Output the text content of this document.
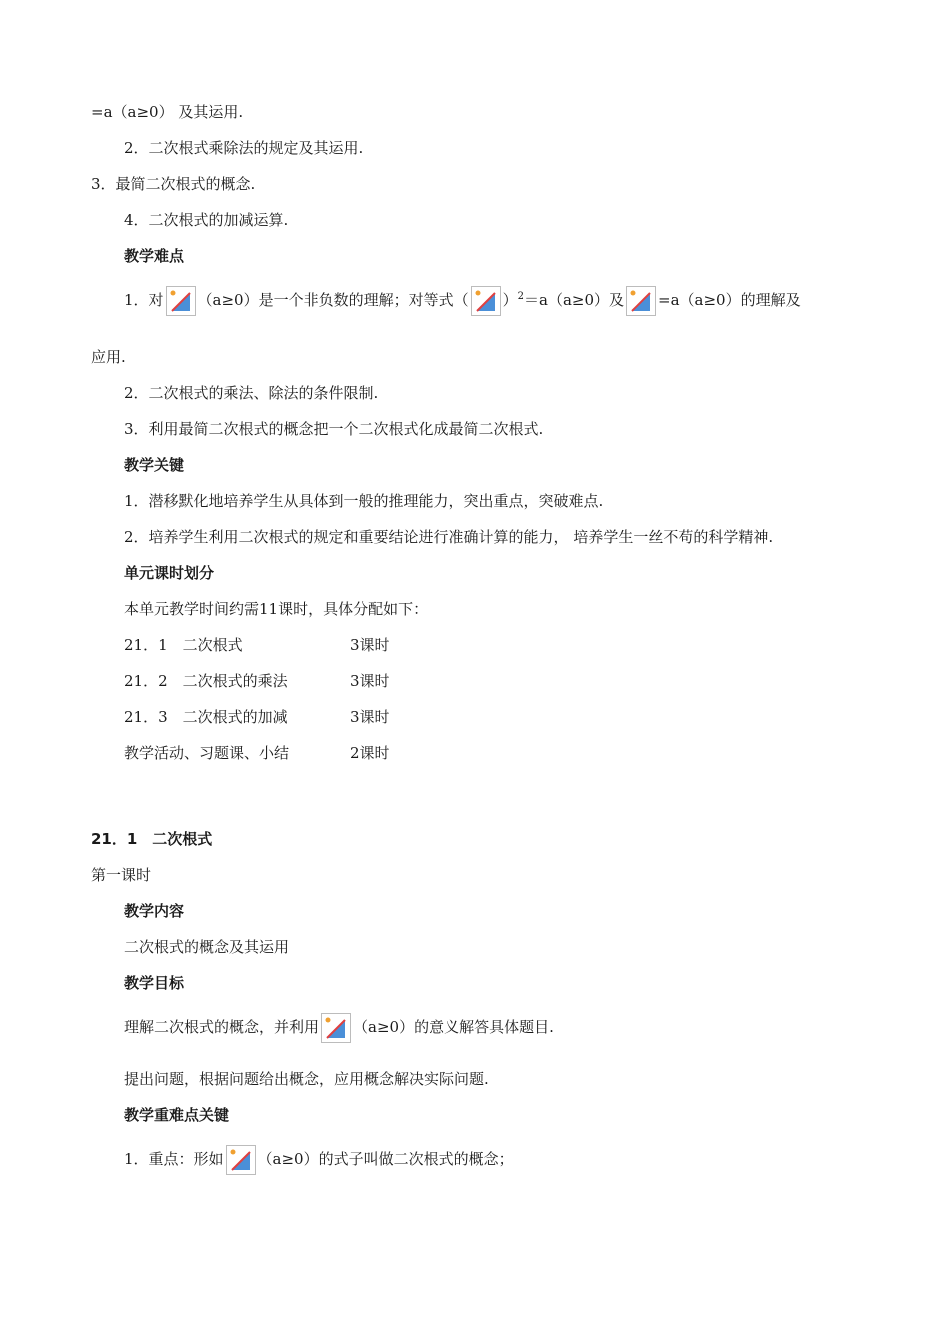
=a（a≥0） 及其运用.
2．二次根式乘除法的规定及其运用.
3．最简二次根式的概念.
4．二次根式的加减运算.
教学难点
1．对 （a≥0）是一个非负数的理解；对等式（ ）$^2$＝a（a≥0）及 =a（a≥0）的理解及
应用.
2．二次根式的乘法、除法的条件限制.
3．利用最简二次根式的概念把一个二次根式化成最简二次根式.
教学关键
1．潜移默化地培养学生从具体到一般的推理能力，突出重点，突破难点.
2．培养学生利用二次根式的规定和重要结论进行准确计算的能力， 培养学生一丝不苟的科学精神.
单元课时划分
本单元教学时间约需11课时，具体分配如下：
21．1　二次根式	3课时
21．2　二次根式的乘法	3课时
21．3　二次根式的加减	3课时
教学活动、习题课、小结	2课时
21．1　二次根式
第一课时
教学内容
二次根式的概念及其运用
教学目标
理解二次根式的概念，并利用 （a≥0）的意义解答具体题目.
提出问题，根据问题给出概念，应用概念解决实际问题.
教学重难点关键
1．重点：形如 （a≥0）的式子叫做二次根式的概念；
